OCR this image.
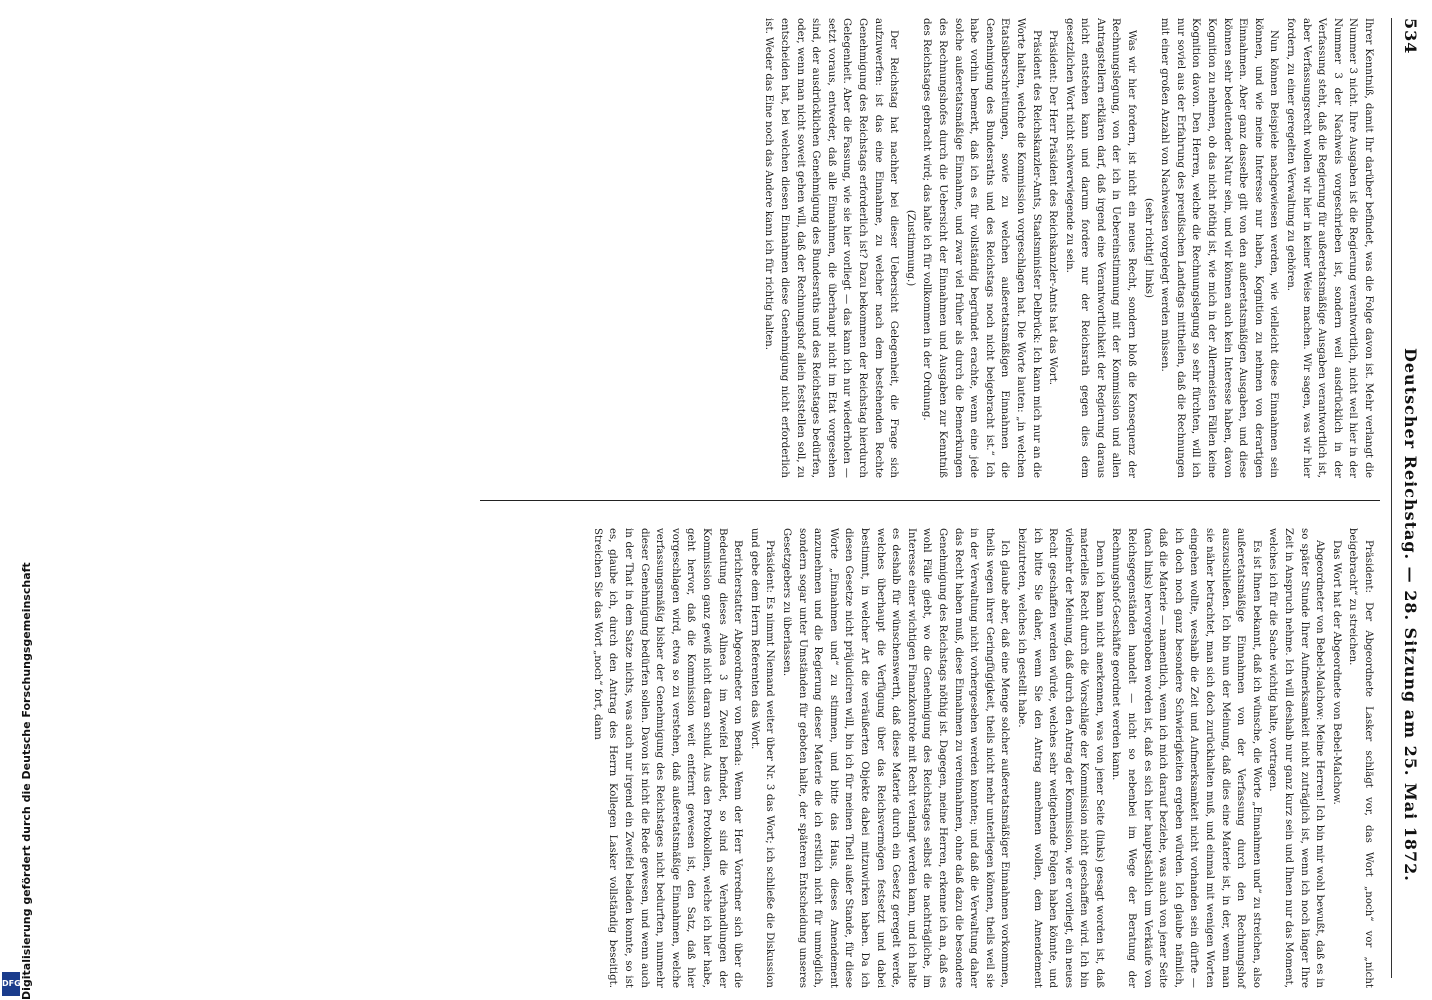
534
Deutscher Reichstag. — 28. Sitzung am 25. Mai 1872.

Ihrer Kenntniß, damit Ihr darüber befindet, was die Folge davon ist. Mehr verlangt die Nummer 3 nicht. Ihre Ausgaben ist die Regierung verantwortlich, nicht weil hier in der Nummer 3 der Nachweis vorgeschrieben ist, sondern weil ausdrücklich in der Verfassung steht, daß die Regierung für außeretatsmäßige Ausgaben verantwortlich ist, aber Verfassungsrecht wollen wir hier in keiner Weise machen. Wir sagen, was wir hier fordern, zu einer geregelten Verwaltung zu gehören.

Nun können Beispiele nachgewiesen werden, wie vielleicht diese Einnahmen sein können, und wie meine Interesse nur haben, Kognition zu nehmen von derartigen Einnahmen. Aber ganz dasselbe gilt von den außeretatsmäßigen Ausgaben, und diese können sehr bedeutender Natur sein, und wir können auch kein Interesse haben, davon Kognition zu nehmen, ob das nicht nöthig ist, wie mich in der Allermeisten Fällen keine Kognition davon. Den Herren, welche die Rechnungslegung so sehr fürchten, will ich nur soviel aus der Erfahrung des preußischen Landtags mittheilen, daß die Rechnungen mit einer großen Anzahl von Nachweisen vorgelegt werden müssen.

(sehr richtig! links)

Was wir hier fordern, ist nicht ein neues Recht, sondern bloß die Konsequenz der Rechnungslegung, von der ich in Uebereinstimmung mit der Kommission und allen Antragstellern erklären darf, daß irgend eine Verantwortlichkeit der Regierung daraus nicht entstehen kann und darum fordere nur der Reichsrath gegen dies dem gesetzlichen Wort nicht schwerwiegende zu sein.

Präsident: Der Herr Präsident des Reichskanzler-Amts hat das Wort.

Präsident des Reichskanzler-Amts, Staatsminister Delbrück: Ich kann mich nur an die Worte halten, welche die Kommission vorgeschlagen hat. Die Worte lauten: „in welchen Etatsüberschreitungen, sowie zu welchen außeretatsmäßigen Einnahmen die Genehmigung des Bundesraths und des Reichstags noch nicht beigebracht ist.“ Ich habe vorhin bemerkt, daß ich es für vollständig begründet erachte, wenn eine jede solche außeretatsmäßige Einnahme, und zwar viel früher als durch die Bemerkungen des Rechnungshofes durch die Uebersicht der Einnahmen und Ausgaben zur Kenntniß des Reichstages gebracht wird; das halte ich für vollkommen in der Ordnung.

(Zustimmung.)

Der Reichstag hat nachher bei dieser Uebersicht Gelegenheit, die Frage sich aufzuwerfen: ist das eine Einnahme, zu welcher nach dem bestehenden Rechte Genehmigung des Reichstags erforderlich ist? Dazu bekommen der Reichstag hierdurch Gelegenheit. Aber die Fassung, wie sie hier vorliegt — das kann ich nur wiederholen — setzt voraus, entweder, daß alle Einnahmen, die überhaupt nicht im Etat vorgesehen sind, der ausdrücklichen Genehmigung des Bundesraths und des Reichstages bedürfen, oder, wenn man nicht soweit gehen will, daß der Rechnungshof allein feststellen soll, zu entscheiden hat, bei welchen diesen Einnahmen diese Genehmigung nicht erforderlich ist. Weder das Eine noch das Andere kann ich für richtig halten.

Präsident: Der Abgeordnete Lasker schlägt vor, das Wort „noch“ vor „nicht beigebracht“ zu streichen.

Das Wort hat der Abgeordnete von Bebel-Malchow.

Abgeordneter von Bebel-Malchow: Meine Herren! Ich bin mir wohl bewußt, daß es in so später Stunde Ihrer Aufmerksamkeit nicht zuträglich ist, wenn ich noch länger Ihre Zeit in Anspruch nehme. Ich will deshalb nur ganz kurz sein und Ihnen nur das Moment, welches ich für die Sache wichtig halte, vortragen.

Es ist Ihnen bekannt, daß ich wünsche, die Worte „Einnahmen und“ zu streichen, also außeretatsmäßige Einnahmen von der Verfassung durch den Rechnungshof auszuschließen. Ich bin nun der Meinung, daß dies eine Materie ist, in der, wenn man sie näher betrachtet, man sich doch zurückhalten muß, und einmal mit wenigen Worten eingehen wollte, weshalb die Zeit und Aufmerksamkeit nicht vorhanden sein dürfte — ich doch noch ganz besondere Schwierigkeiten ergeben würden. Ich glaube nämlich, daß die Materie — namentlich, wenn ich mich darauf beziehe, was auch von jener Seite (nach links) hervorgehoben worden ist, daß es sich hier hauptsächlich um Verkäufe von Reichsgegenständen handelt — nicht so nebenbei im Wege der Beratung der Rechnungshof-Geschäfte geordnet werden kann.

Denn ich kann nicht anerkennen, was von jener Seite (links) gesagt worden ist, daß materielles Recht durch die Vorschläge der Kommission nicht geschaffen wird. Ich bin vielmehr der Meinung, daß durch den Antrag der Kommission, wie er vorliegt, ein neues Recht geschaffen werden würde, welches sehr weitgehende Folgen haben könnte, und ich bitte Sie daher, wenn Sie den Antrag annehmen wollen, dem Amendement beizutreten, welches ich gestellt habe.

Ich glaube aber, daß eine Menge solcher außeretatsmäßiger Einnahmen vorkommen, theils wegen ihrer Geringfügigkeit, theils nicht mehr unterliegen können, theils weil sie in der Verwaltung nicht vorhergesehen werden konnten; und daß die Verwaltung daher das Recht haben muß, diese Einnahmen zu vereinnahmen, ohne daß dazu die besondere Genehmigung des Reichstags nöthig ist. Dagegen, meine Herren, erkenne ich an, daß es wohl Fälle giebt, wo die Genehmigung des Reichstages selbst die nachträgliche, im Interesse einer wichtigen Finanzkontrole mit Recht verlangt werden kann, und ich halte es deshalb für wünschenswerth, daß diese Materie durch ein Gesetz geregelt werde, welches überhaupt die Verfügung über das Reichsvermögen festsetzt und dabei bestimmt, in welcher Art die veräußerten Objekte dabei mitzuwirken haben. Da ich diesen Gesetze nicht präjudiciren will, bin ich für meinen Theil außer Stande, für diese Worte „Einnahmen und“ zu stimmen, und bitte das Haus, dieses Amendement anzunehmen und die Regierung dieser Materie die ich erstlich nicht für unmöglich, sondern sogar unter Umständen für geboten halte, der späteren Entscheidung unseres Gesetzgebers zu überlassen.

Präsident: Es nimmt Niemand weiter über Nr. 3 das Wort; ich schließe die Diskussion und gebe dem Herrn Referenten das Wort.

Berichterstatter Abgeordneter von Benda: Wenn der Herr Vorredner sich über die Bedeutung dieses Alinea 3 im Zweifel befindet, so sind die Verhandlungen der Kommission ganz gewiß nicht daran schuld. Aus den Protokollen, welche ich hier habe, geht hervor, daß die Kommission weit entfernt gewesen ist, den Satz, daß hier vorgeschlagen wird, etwa so zu verstehen, daß außeretatsmäßige Einnahmen, welche verfassungsmäßig bisher der Genehmigung des Reichstages nicht bedurften, nunmehr dieser Genehmigung bedürfen sollen. Davon ist nicht die Rede gewesen, und wenn auch in der That in dem Satze nichts, was auch nur irgend ein Zweifel beladen konnte, so ist es, glaube ich, durch den Antrag des Herrn Kollegen Lasker vollständig beseitigt. Streichen Sie das Wort „noch“ fort, dann

Digitalisierung gefördert durch die Deutsche Forschungsgemeinschaft
DFG
